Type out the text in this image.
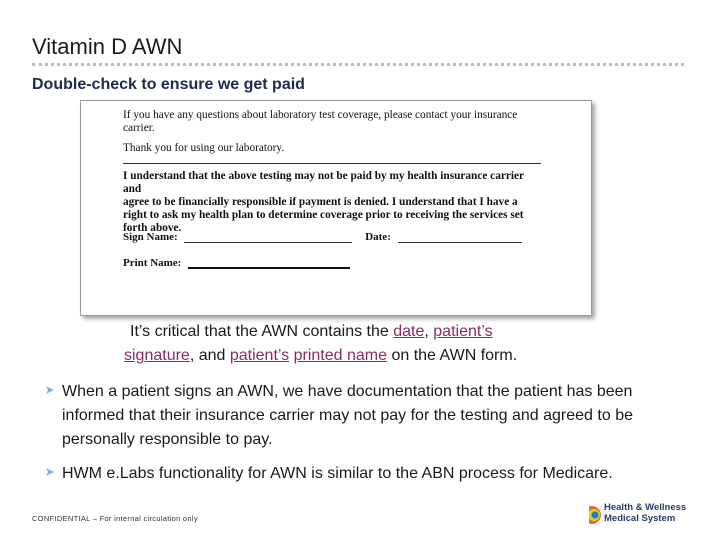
Vitamin D AWN
Double-check to ensure we get paid
If you have any questions about laboratory test coverage, please contact your insurance carrier.
Thank you for using our laboratory.
I understand that the above testing may not be paid by my health insurance carrier and
agree to be financially responsible if payment is denied. I understand that I have a
right to ask my health plan to determine coverage prior to receiving the services set
forth above.
Sign Name:	Date:
Print Name:
It’s critical that the AWN contains the date, patient’s
signature, and patient’s printed name on the AWN form.
When a patient signs an AWN, we have documentation that the patient has been informed that their insurance carrier may not pay for the testing and agreed to be personally responsible to pay.
HWM e.Labs functionality for AWN is similar to the ABN process for Medicare.
CONFIDENTIAL – For internal circulation only
Health & Wellness
Medical System
